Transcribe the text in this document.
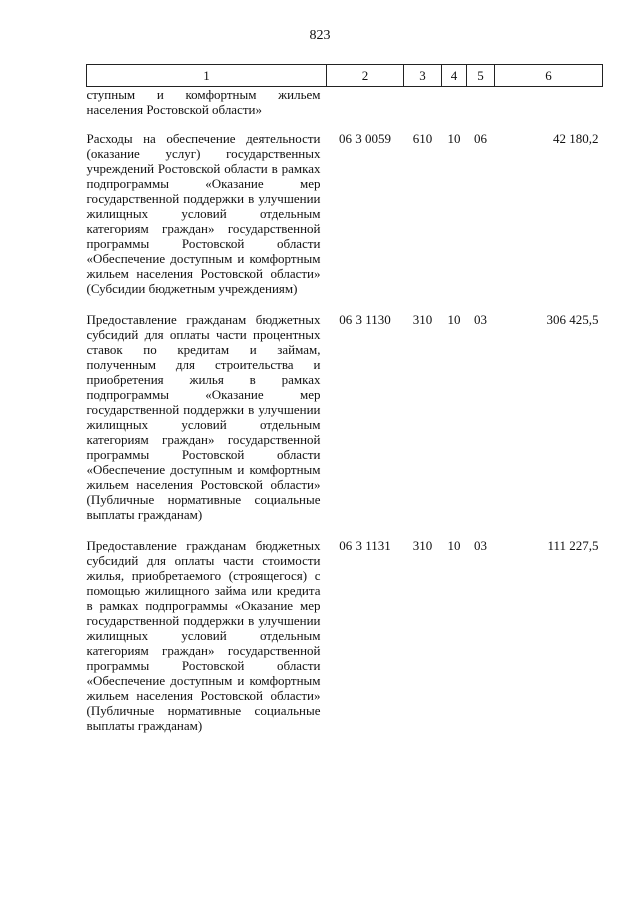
823
1	2	3	4	5	6
ступным и комфортным жильем населения Ростовской области»					
Расходы на обеспечение деятельности (оказание услуг) государственных учреждений Ростовской области в рамках подпрограммы «Оказание мер государственной поддержки в улучшении жилищных условий отдельным категориям граждан» государственной программы Ростовской области «Обеспечение доступным и комфортным жильем населения Ростовской области» (Субсидии бюджетным учреждениям)	06 3 0059	610	10	06	42 180,2
Предоставление гражданам бюджетных субсидий для оплаты части процентных ставок по кредитам и займам, полученным для строительства и приобретения жилья в рамках подпрограммы «Оказание мер государственной поддержки в улучшении жилищных условий отдельным категориям граждан» государственной программы Ростовской области «Обеспечение доступным и комфортным жильем населения Ростовской области» (Публичные нормативные социальные выплаты гражданам)	06 3 1130	310	10	03	306 425,5
Предоставление гражданам бюджетных субсидий для оплаты части стоимости жилья, приобретаемого (строящегося) с помощью жилищного займа или кредита в рамках подпрограммы «Оказание мер государственной поддержки в улучшении жилищных условий отдельным категориям граждан» государственной программы Ростовской области «Обеспечение доступным и комфортным жильем населения Ростовской области» (Публичные нормативные социальные выплаты гражданам)	06 3 1131	310	10	03	111 227,5
